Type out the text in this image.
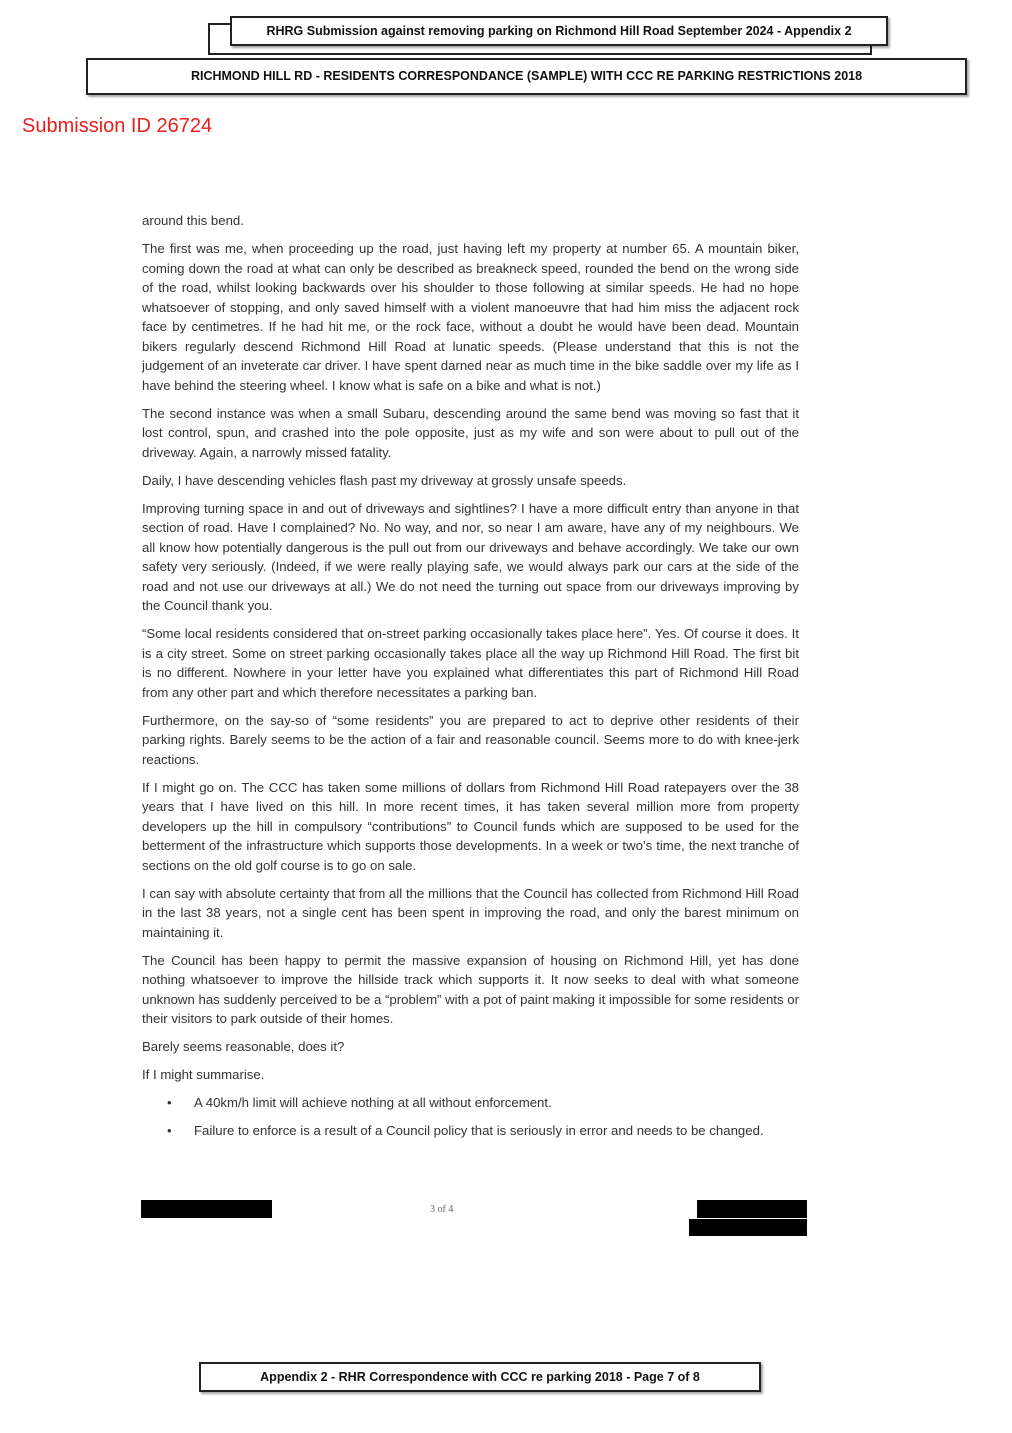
RHRG Submission against removing parking on Richmond Hill Road September 2024 - Appendix 2
RICHMOND HILL RD - RESIDENTS CORRESPONDANCE (SAMPLE) WITH CCC RE PARKING RESTRICTIONS 2018
Submission ID 26724

around this bend.

The first was me, when proceeding up the road, just having left my property at number 65. A mountain biker, coming down the road at what can only be described as breakneck speed, rounded the bend on the wrong side of the road, whilst looking backwards over his shoulder to those following at similar speeds. He had no hope whatsoever of stopping, and only saved himself with a violent manoeuvre that had him miss the adjacent rock face by centimetres. If he had hit me, or the rock face, without a doubt he would have been dead. Mountain bikers regularly descend Richmond Hill Road at lunatic speeds. (Please understand that this is not the judgement of an inveterate car driver. I have spent darned near as much time in the bike saddle over my life as I have behind the steering wheel. I know what is safe on a bike and what is not.)

The second instance was when a small Subaru, descending around the same bend was moving so fast that it lost control, spun, and crashed into the pole opposite, just as my wife and son were about to pull out of the driveway. Again, a narrowly missed fatality.

Daily, I have descending vehicles flash past my driveway at grossly unsafe speeds.

Improving turning space in and out of driveways and sightlines? I have a more difficult entry than anyone in that section of road. Have I complained? No. No way, and nor, so near I am aware, have any of my neighbours. We all know how potentially dangerous is the pull out from our driveways and behave accordingly. We take our own safety very seriously. (Indeed, if we were really playing safe, we would always park our cars at the side of the road and not use our driveways at all.) We do not need the turning out space from our driveways improving by the Council thank you.

“Some local residents considered that on-street parking occasionally takes place here”. Yes. Of course it does. It is a city street. Some on street parking occasionally takes place all the way up Richmond Hill Road. The first bit is no different. Nowhere in your letter have you explained what differentiates this part of Richmond Hill Road from any other part and which therefore necessitates a parking ban.

Furthermore, on the say-so of “some residents” you are prepared to act to deprive other residents of their parking rights. Barely seems to be the action of a fair and reasonable council. Seems more to do with knee-jerk reactions.

If I might go on. The CCC has taken some millions of dollars from Richmond Hill Road ratepayers over the 38 years that I have lived on this hill. In more recent times, it has taken several million more from property developers up the hill in compulsory “contributions” to Council funds which are supposed to be used for the betterment of the infrastructure which supports those developments. In a week or two’s time, the next tranche of sections on the old golf course is to go on sale.

I can say with absolute certainty that from all the millions that the Council has collected from Richmond Hill Road in the last 38 years, not a single cent has been spent in improving the road, and only the barest minimum on maintaining it.

The Council has been happy to permit the massive expansion of housing on Richmond Hill, yet has done nothing whatsoever to improve the hillside track which supports it. It now seeks to deal with what someone unknown has suddenly perceived to be a “problem” with a pot of paint making it impossible for some residents or their visitors to park outside of their homes.

Barely seems reasonable, does it?

If I might summarise.

• A 40km/h limit will achieve nothing at all without enforcement.
• Failure to enforce is a result of a Council policy that is seriously in error and needs to be changed.
3 of 4
Appendix 2 - RHR Correspondence with CCC re parking 2018 - Page 7 of 8
